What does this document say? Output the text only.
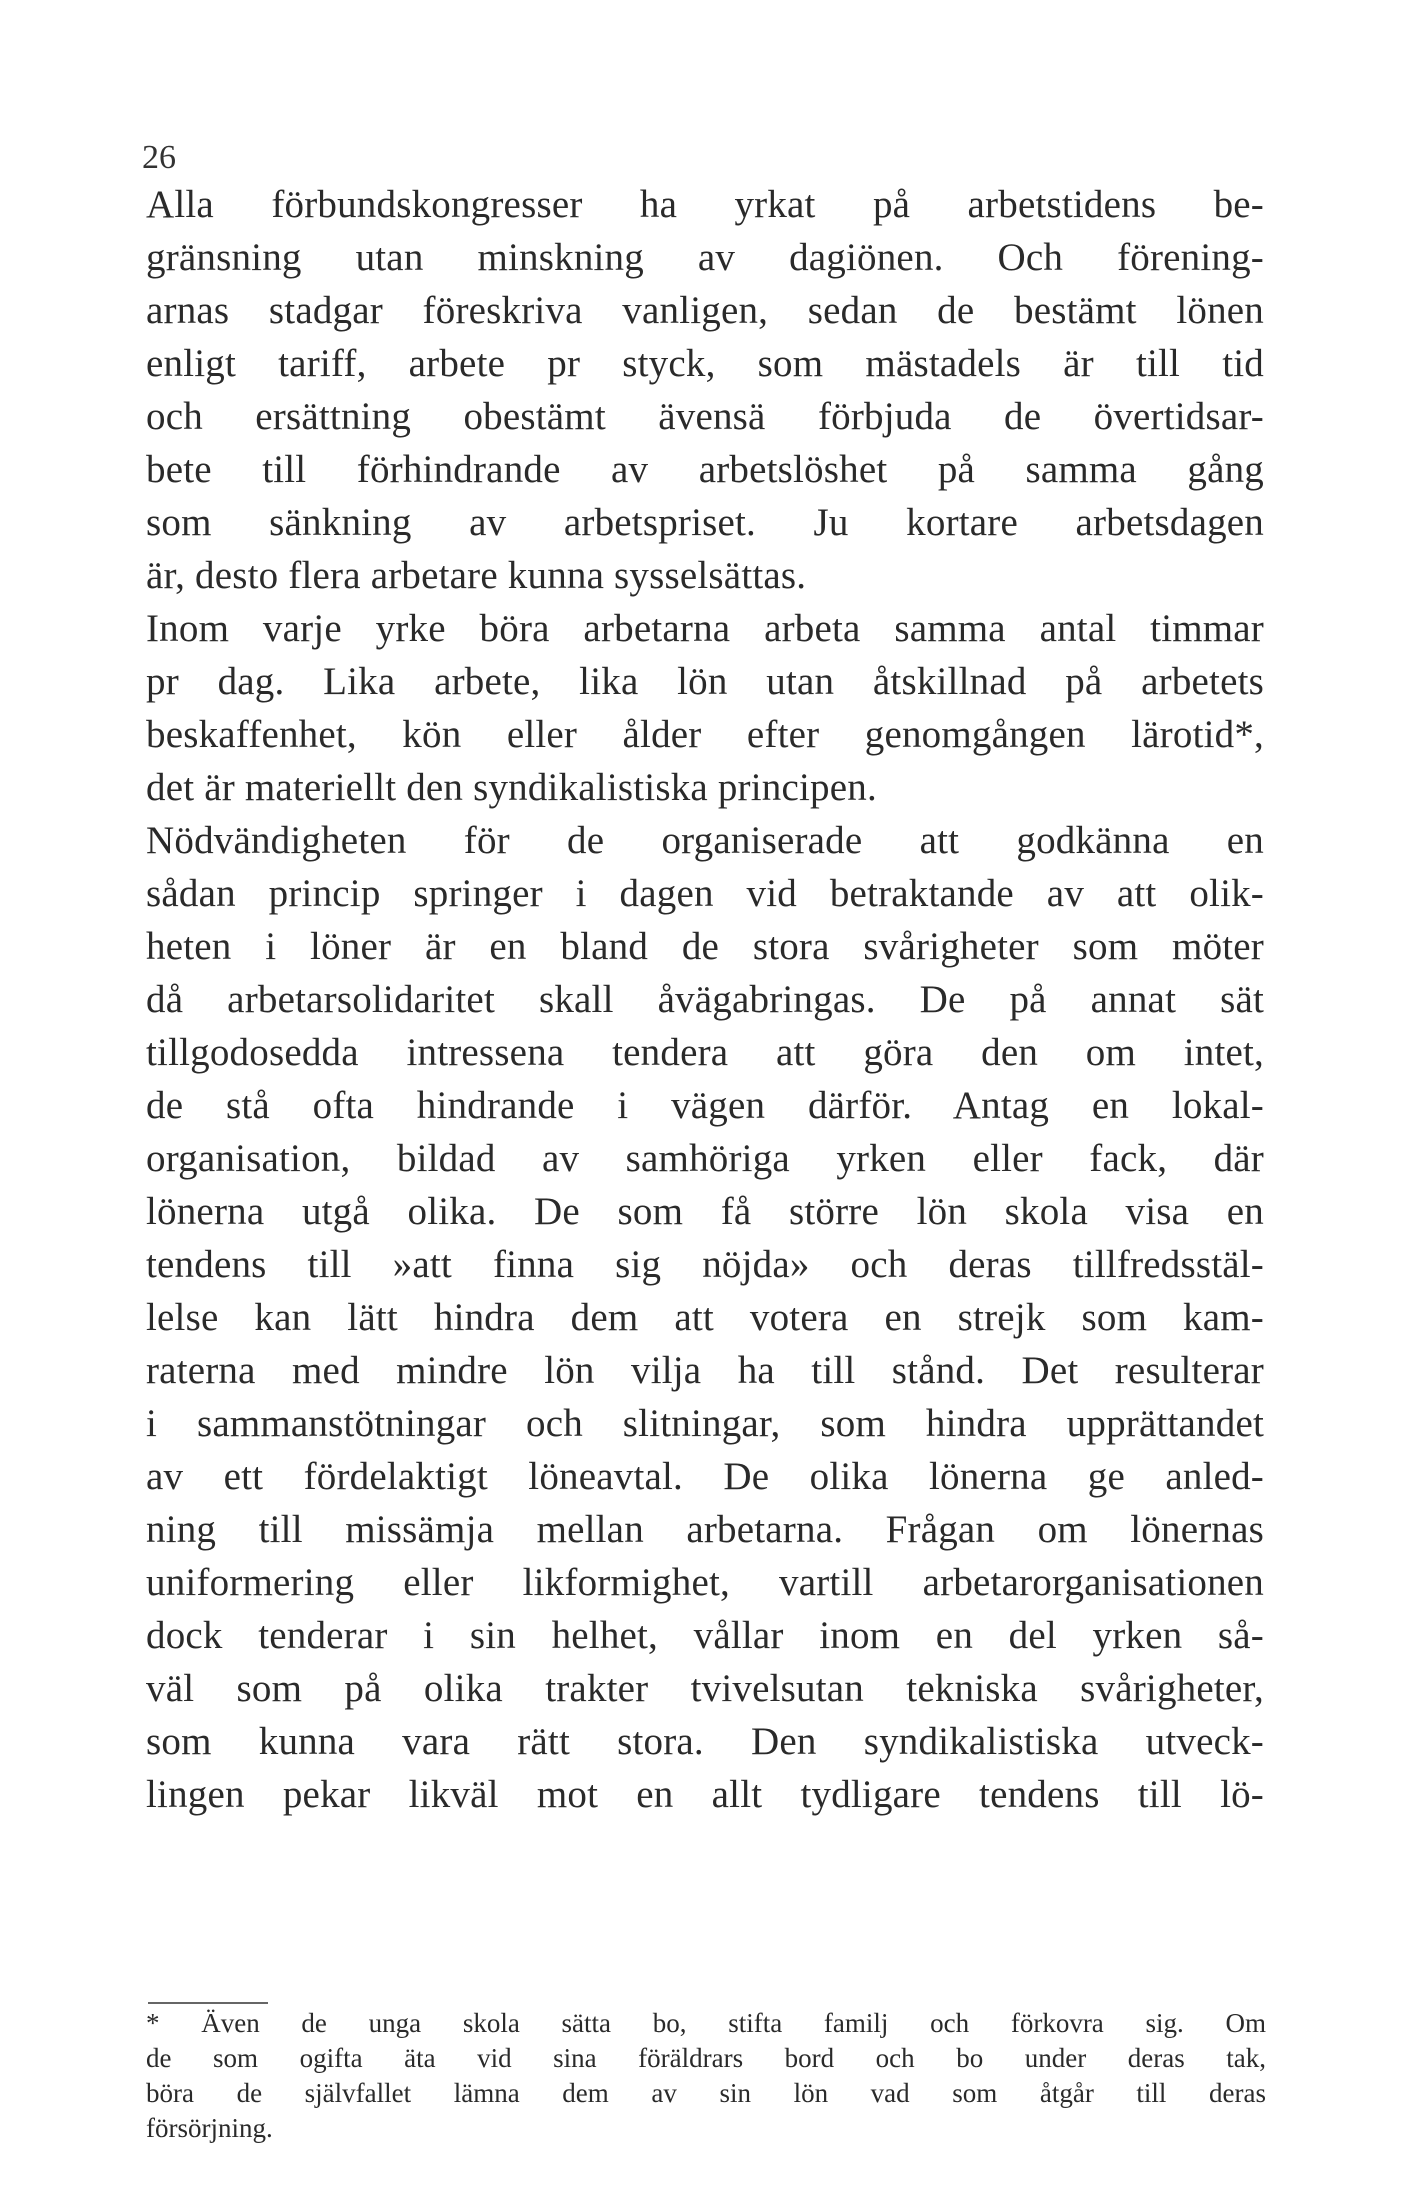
26
Alla förbundskongresser ha yrkat på arbetstidens be-
gränsning utan minskning av dagiönen. Och förening-
arnas stadgar föreskriva vanligen, sedan de bestämt lönen
enligt tariff, arbete pr styck, som mästadels är till tid
och ersättning obestämt ävensä förbjuda de övertidsar-
bete till förhindrande av arbetslöshet på samma gång
som sänkning av arbetspriset. Ju kortare arbetsdagen
är, desto flera arbetare kunna sysselsättas.
Inom varje yrke böra arbetarna arbeta samma antal timmar
pr dag. Lika arbete, lika lön utan åtskillnad på arbetets
beskaffenhet, kön eller ålder efter genomgången lärotid*,
det är materiellt den syndikalistiska principen.
Nödvändigheten för de organiserade att godkänna en
sådan princip springer i dagen vid betraktande av att olik-
heten i löner är en bland de stora svårigheter som möter
då arbetarsolidaritet skall åvägabringas. De på annat sät
tillgodosedda intressena tendera att göra den om intet,
de stå ofta hindrande i vägen därför. Antag en lokal-
organisation, bildad av samhöriga yrken eller fack, där
lönerna utgå olika. De som få större lön skola visa en
tendens till »att finna sig nöjda» och deras tillfredsstäl-
lelse kan lätt hindra dem att votera en strejk som kam-
raterna med mindre lön vilja ha till stånd. Det resulterar
i sammanstötningar och slitningar, som hindra upprättandet
av ett fördelaktigt löneavtal. De olika lönerna ge anled-
ning till missämja mellan arbetarna. Frågan om lönernas
uniformering eller likformighet, vartill arbetarorganisationen
dock tenderar i sin helhet, vållar inom en del yrken så-
väl som på olika trakter tvivelsutan tekniska svårigheter,
som kunna vara rätt stora. Den syndikalistiska utveck-
lingen pekar likväl mot en allt tydligare tendens till lö-
* Även de unga skola sätta bo, stifta familj och förkovra sig. Om
de som ogifta äta vid sina föräldrars bord och bo under deras tak,
böra de självfallet lämna dem av sin lön vad som åtgår till deras
försörjning.
